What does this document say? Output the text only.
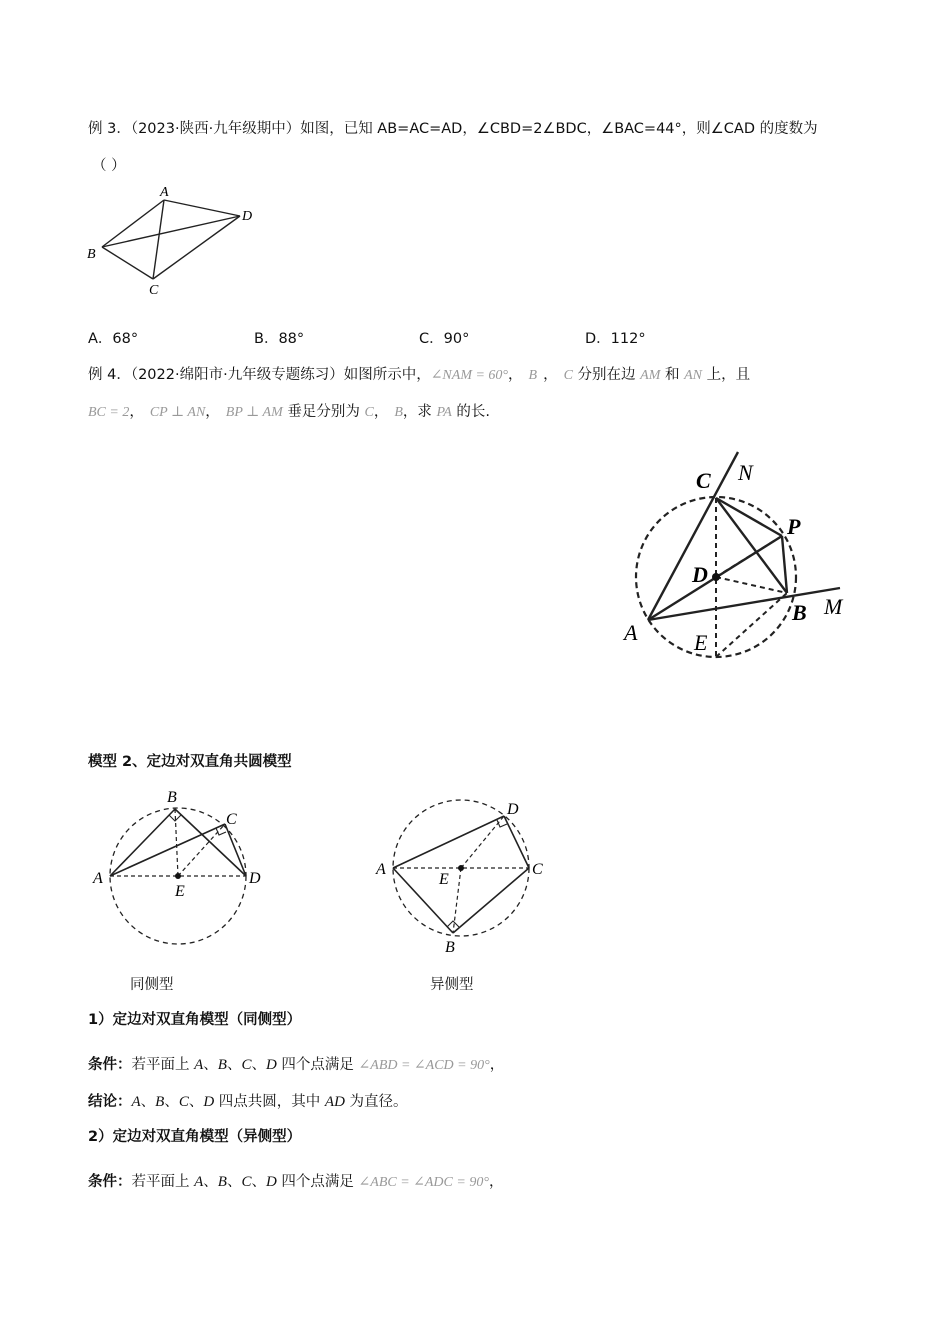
例 3．（2023·陕西·九年级期中）如图，已知 AB=AC=AD，∠CBD=2∠BDC，∠BAC=44°，则∠CAD 的度数为
（ ）
A
B
C
D
A．68°	B．88°	C．90°	D．112°
例 4．（2022·绵阳市·九年级专题练习）如图所示中，∠NAM = 60°， B ， C 分别在边 AM 和 AN 上，且
BC = 2， CP ⊥ AN， BP ⊥ AM 垂足分别为 C， B，求 PA 的长.
C N
P
D
A
B M
E
模型 2、定边对双直角共圆模型
B
C
A	D
E
D
A	C
E
B
同侧型	异侧型
1）定边对双直角模型（同侧型）
条件：若平面上 A、B、C、D 四个点满足 ∠ABD = ∠ACD = 90°，
结论：A、B、C、D 四点共圆，其中 AD 为直径。
2）定边对双直角模型（异侧型）
条件：若平面上 A、B、C、D 四个点满足 ∠ABC = ∠ADC = 90°，
